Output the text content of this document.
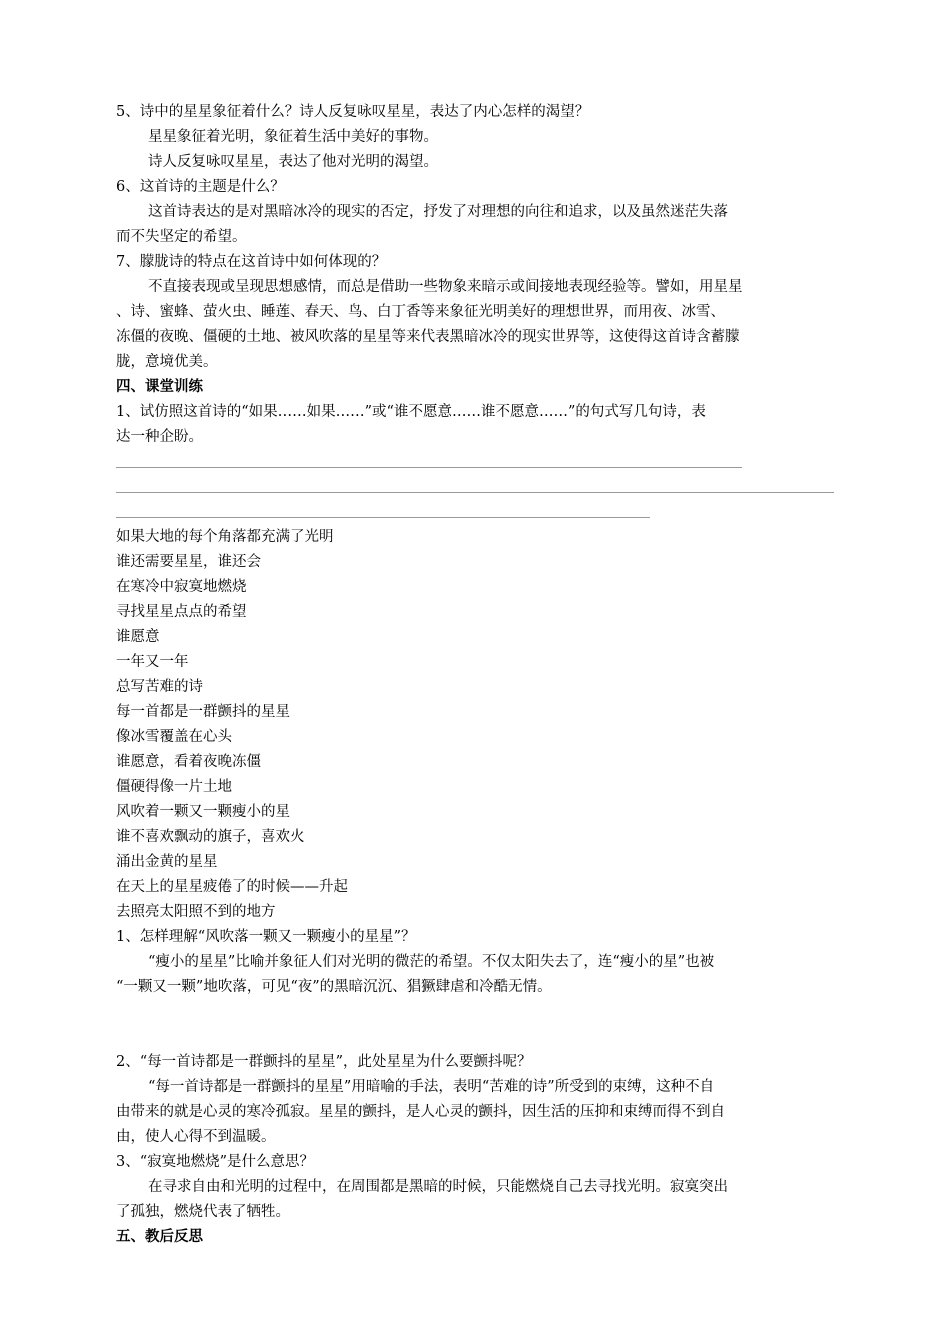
5、诗中的星星象征着什么？诗人反复咏叹星星，表达了内心怎样的渴望？
星星象征着光明，象征着生活中美好的事物。
诗人反复咏叹星星，表达了他对光明的渴望。
6、这首诗的主题是什么？
这首诗表达的是对黑暗冰冷的现实的否定，抒发了对理想的向往和追求，以及虽然迷茫失落
而不失坚定的希望。
7、朦胧诗的特点在这首诗中如何体现的？
不直接表现或呈现思想感情，而总是借助一些物象来暗示或间接地表现经验等。譬如，用星星
、诗、蜜蜂、萤火虫、睡莲、春天、鸟、白丁香等来象征光明美好的理想世界，而用夜、冰雪、
冻僵的夜晚、僵硬的土地、被风吹落的星星等来代表黑暗冰冷的现实世界等，这使得这首诗含蓄朦
胧，意境优美。
四、课堂训练
1、试仿照这首诗的“如果……如果……”或“谁不愿意……谁不愿意……”的句式写几句诗，表
达一种企盼。
如果大地的每个角落都充满了光明
谁还需要星星，谁还会
在寒冷中寂寞地燃烧
寻找星星点点的希望
谁愿意
一年又一年
总写苦难的诗
每一首都是一群颤抖的星星
像冰雪覆盖在心头
谁愿意，看着夜晚冻僵
僵硬得像一片土地
风吹着一颗又一颗瘦小的星
谁不喜欢飘动的旗子，喜欢火
涌出金黄的星星
在天上的星星疲倦了的时候——升起
去照亮太阳照不到的地方
1、怎样理解“风吹落一颗又一颗瘦小的星星”？
“瘦小的星星”比喻并象征人们对光明的微茫的希望。不仅太阳失去了，连“瘦小的星”也被
“一颗又一颗”地吹落，可见“夜”的黑暗沉沉、猖獗肆虐和冷酷无情。
2、“每一首诗都是一群颤抖的星星”，此处星星为什么要颤抖呢？
“每一首诗都是一群颤抖的星星”用暗喻的手法，表明“苦难的诗”所受到的束缚，这种不自
由带来的就是心灵的寒冷孤寂。星星的颤抖，是人心灵的颤抖，因生活的压抑和束缚而得不到自
由，使人心得不到温暖。
3、“寂寞地燃烧”是什么意思？
在寻求自由和光明的过程中，在周围都是黑暗的时候，只能燃烧自己去寻找光明。寂寞突出
了孤独，燃烧代表了牺牲。
五、教后反思
